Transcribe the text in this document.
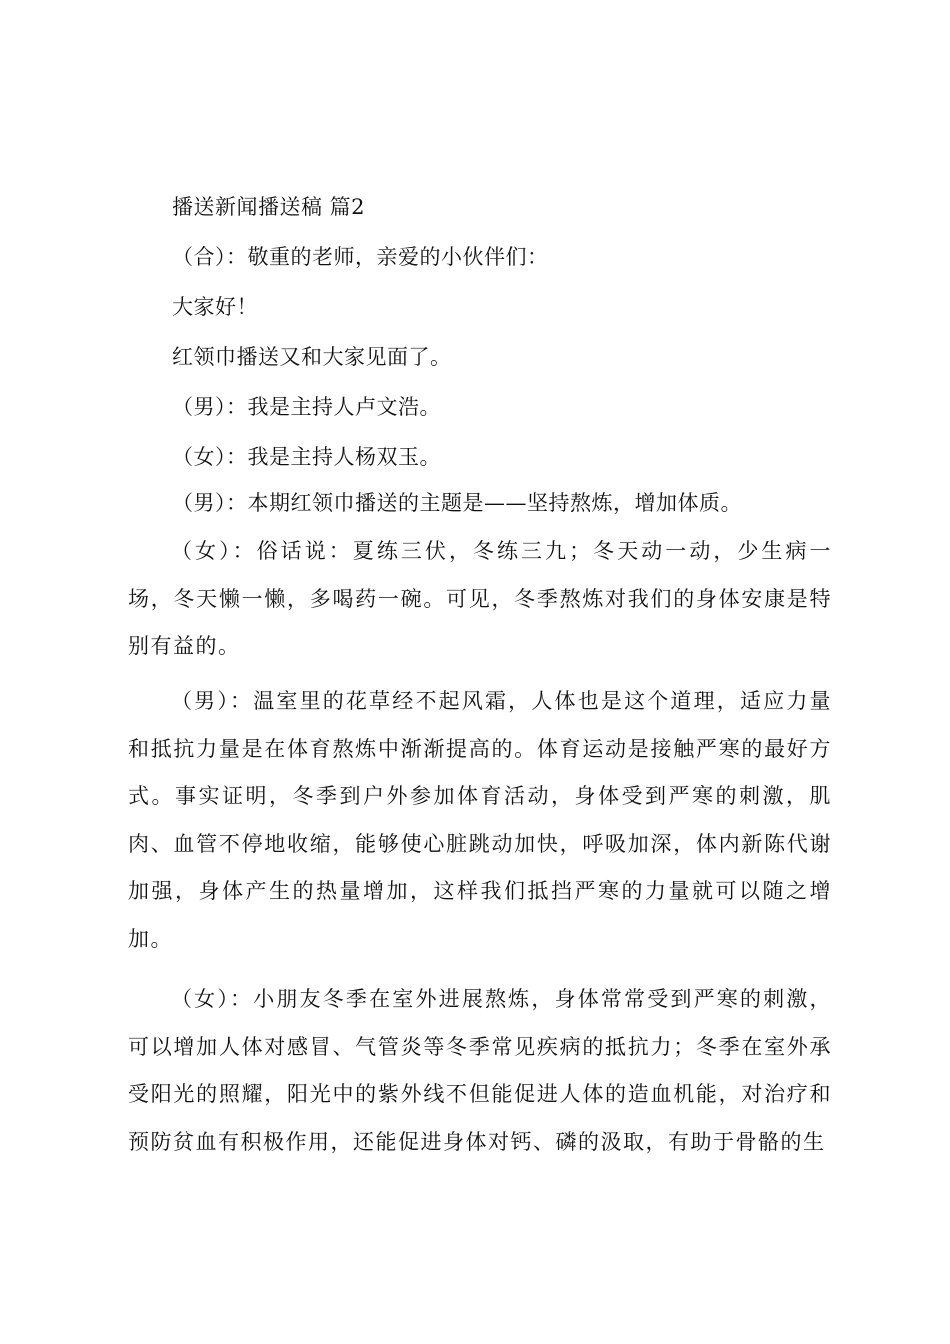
播送新闻播送稿 篇2
（合）：敬重的老师，亲爱的小伙伴们：
大家好！
红领巾播送又和大家见面了。
（男）：我是主持人卢文浩。
（女）：我是主持人杨双玉。
（男）：本期红领巾播送的主题是——坚持熬炼，增加体质。
（女）：俗话说：夏练三伏，冬练三九；冬天动一动，少生病一场，冬天懒一懒，多喝药一碗。可见，冬季熬炼对我们的身体安康是特别有益的。
（男）：温室里的花草经不起风霜，人体也是这个道理，适应力量和抵抗力量是在体育熬炼中渐渐提高的。体育运动是接触严寒的最好方式。事实证明，冬季到户外参加体育活动，身体受到严寒的刺激，肌肉、血管不停地收缩，能够使心脏跳动加快，呼吸加深，体内新陈代谢加强，身体产生的热量增加，这样我们抵挡严寒的力量就可以随之增加。
（女）：小朋友冬季在室外进展熬炼，身体常常受到严寒的刺激，可以增加人体对感冒、气管炎等冬季常见疾病的抵抗力；冬季在室外承受阳光的照耀，阳光中的紫外线不但能促进人体的造血机能，对治疗和预防贫血有积极作用，还能促进身体对钙、磷的汲取，有助于骨骼的生
